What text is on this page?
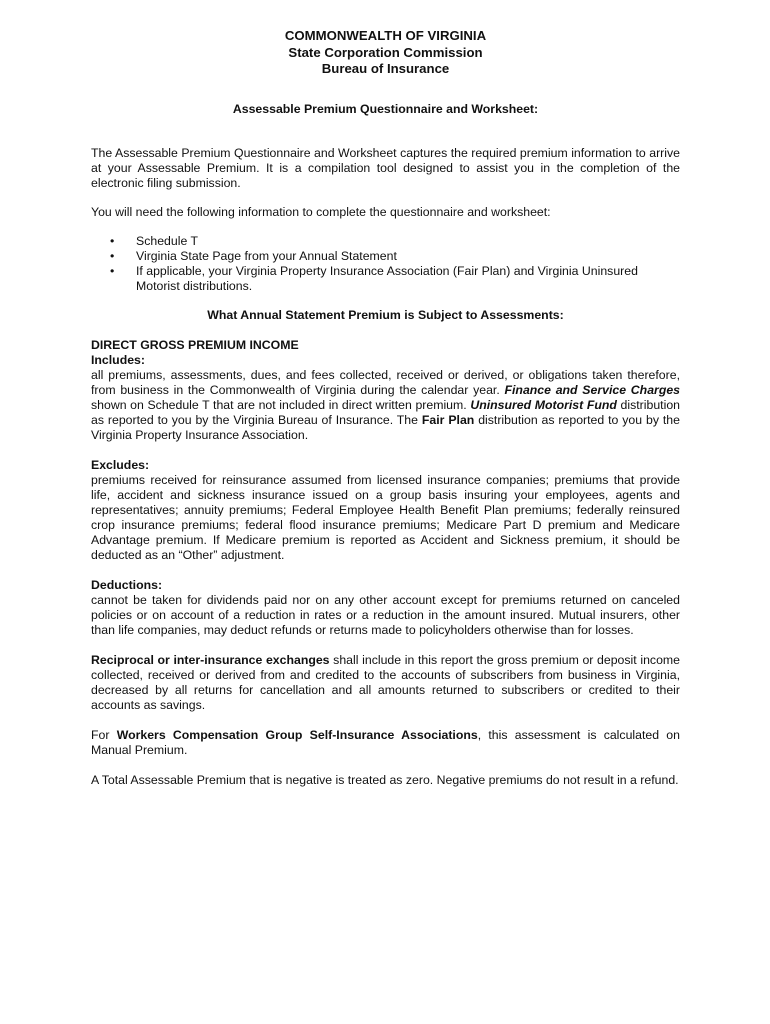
COMMONWEALTH OF VIRGINIA
State Corporation Commission
Bureau of Insurance
Assessable Premium Questionnaire and Worksheet:

The Assessable Premium Questionnaire and Worksheet captures the required premium information to arrive at your Assessable Premium. It is a compilation tool designed to assist you in the completion of the electronic filing submission.

You will need the following information to complete the questionnaire and worksheet:

• Schedule T
• Virginia State Page from your Annual Statement
• If applicable, your Virginia Property Insurance Association (Fair Plan) and Virginia Uninsured Motorist distributions.
What Annual Statement Premium is Subject to Assessments:
DIRECT GROSS PREMIUM INCOME
Includes:

all premiums, assessments, dues, and fees collected, received or derived, or obligations taken therefore, from business in the Commonwealth of Virginia during the calendar year. Finance and Service Charges shown on Schedule T that are not included in direct written premium. Uninsured Motorist Fund distribution as reported to you by the Virginia Bureau of Insurance. The Fair Plan distribution as reported to you by the Virginia Property Insurance Association.

Excludes:

premiums received for reinsurance assumed from licensed insurance companies; premiums that provide life, accident and sickness insurance issued on a group basis insuring your employees, agents and representatives; annuity premiums; Federal Employee Health Benefit Plan premiums; federally reinsured crop insurance premiums; federal flood insurance premiums; Medicare Part D premium and Medicare Advantage premium. If Medicare premium is reported as Accident and Sickness premium, it should be deducted as an “Other” adjustment.

Deductions:

cannot be taken for dividends paid nor on any other account except for premiums returned on canceled policies or on account of a reduction in rates or a reduction in the amount insured. Mutual insurers, other than life companies, may deduct refunds or returns made to policyholders otherwise than for losses.

Reciprocal or inter-insurance exchanges shall include in this report the gross premium or deposit income collected, received or derived from and credited to the accounts of subscribers from business in Virginia, decreased by all returns for cancellation and all amounts returned to subscribers or credited to their accounts as savings.

For Workers Compensation Group Self-Insurance Associations, this assessment is calculated on Manual Premium.

A Total Assessable Premium that is negative is treated as zero. Negative premiums do not result in a refund.
